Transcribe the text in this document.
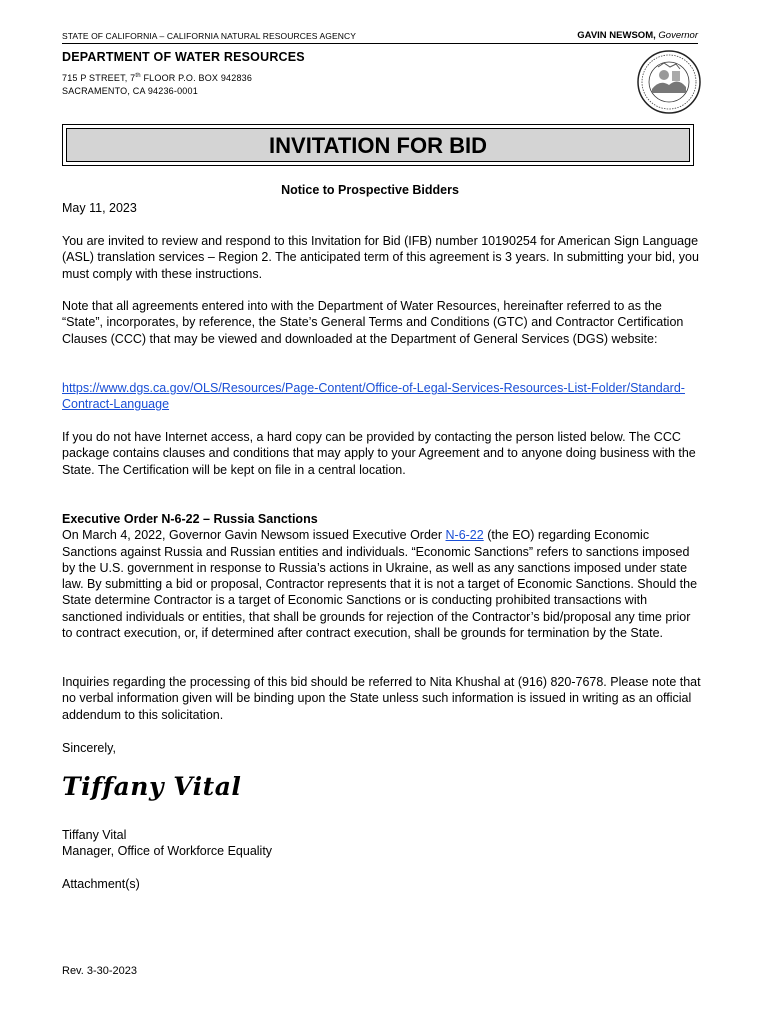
STATE OF CALIFORNIA – CALIFORNIA NATURAL RESOURCES AGENCY	GAVIN NEWSOM, Governor
DEPARTMENT OF WATER RESOURCES
715 P STREET, 7th FLOOR P.O. BOX 942836
SACRAMENTO, CA 94236-0001
INVITATION FOR BID
Notice to Prospective Bidders
May 11, 2023
You are invited to review and respond to this Invitation for Bid (IFB) number 10190254 for American Sign Language (ASL) translation services – Region 2. The anticipated term of this agreement is 3 years. In submitting your bid, you must comply with these instructions.
Note that all agreements entered into with the Department of Water Resources, hereinafter referred to as the “State”, incorporates, by reference, the State’s General Terms and Conditions (GTC) and Contractor Certification Clauses (CCC) that may be viewed and downloaded at the Department of General Services (DGS) website:
https://www.dgs.ca.gov/OLS/Resources/Page-Content/Office-of-Legal-Services-Resources-List-Folder/Standard-Contract-Language
If you do not have Internet access, a hard copy can be provided by contacting the person listed below. The CCC package contains clauses and conditions that may apply to your Agreement and to anyone doing business with the State. The Certification will be kept on file in a central location.
Executive Order N-6-22 – Russia Sanctions
On March 4, 2022, Governor Gavin Newsom issued Executive Order N-6-22 (the EO) regarding Economic Sanctions against Russia and Russian entities and individuals. “Economic Sanctions” refers to sanctions imposed by the U.S. government in response to Russia’s actions in Ukraine, as well as any sanctions imposed under state law. By submitting a bid or proposal, Contractor represents that it is not a target of Economic Sanctions. Should the State determine Contractor is a target of Economic Sanctions or is conducting prohibited transactions with sanctioned individuals or entities, that shall be grounds for rejection of the Contractor’s bid/proposal any time prior to contract execution, or, if determined after contract execution, shall be grounds for termination by the State.
Inquiries regarding the processing of this bid should be referred to Nita Khushal at (916) 820-7678. Please note that no verbal information given will be binding upon the State unless such information is issued in writing as an official addendum to this solicitation.
Sincerely,
Tiffany Vital
Tiffany Vital
Manager, Office of Workforce Equality
Attachment(s)
Rev. 3-30-2023
